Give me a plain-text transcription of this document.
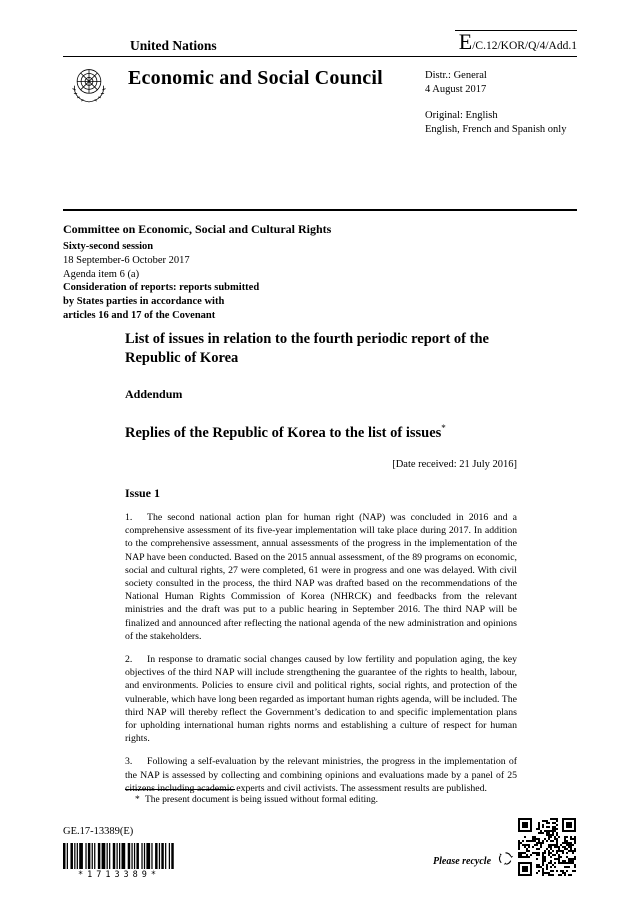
United Nations	E /C.12/KOR/Q/4/Add.1
Economic and Social Council	Distr.: General
4 August 2017
Original: English
English, French and Spanish only
Committee on Economic, Social and Cultural Rights
Sixty-second session
18 September-6 October 2017
Agenda item 6 (a)
Consideration of reports: reports submitted
by States parties in accordance with
articles 16 and 17 of the Covenant
List of issues in relation to the fourth periodic report of the Republic of Korea
Addendum
Replies of the Republic of Korea to the list of issues*
[Date received: 21 July 2016]
Issue 1
1. The second national action plan for human right (NAP) was concluded in 2016 and a comprehensive assessment of its five-year implementation will take place during 2017. In addition to the comprehensive assessment, annual assessments of the progress in the implementation of the NAP have been conducted. Based on the 2015 annual assessment, of the 89 programs on economic, social and cultural rights, 27 were completed, 61 were in progress and one was delayed. With civil society consulted in the process, the third NAP was drafted based on the recommendations of the National Human Rights Commission of Korea (NHRCK) and feedbacks from the relevant ministries and the draft was put to a public hearing in September 2016. The third NAP will be finalized and announced after reflecting the national agenda of the new administration and opinions of the stakeholders.
2. In response to dramatic social changes caused by low fertility and population aging, the key objectives of the third NAP will include strengthening the guarantee of the rights to health, labour, and environments. Policies to ensure civil and political rights, social rights, and protection of the vulnerable, which have long been regarded as important human rights agenda, will be included. The third NAP will thereby reflect the Government’s dedication to and specific implementation plans for upholding international human rights norms and establishing a culture of respect for human rights.
3. Following a self-evaluation by the relevant ministries, the progress in the implementation of the NAP is assessed by collecting and combining opinions and evaluations made by a panel of 25 citizens including academic experts and civil activists. The assessment results are published.
* The present document is being issued without formal editing.
GE.17-13389(E)
*1713389*
Please recycle
